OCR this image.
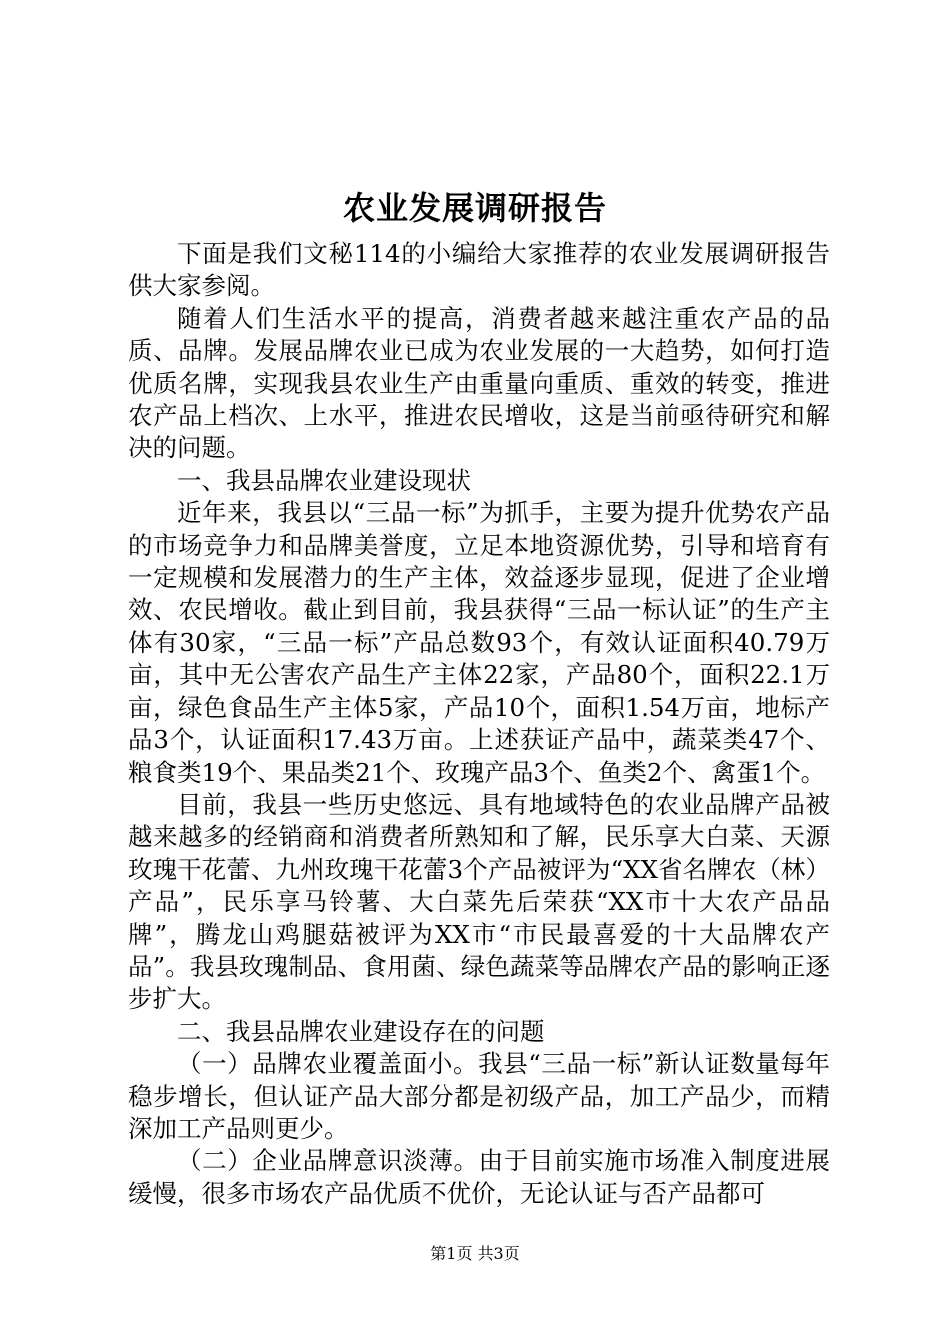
农业发展调研报告

下面是我们文秘114的小编给大家推荐的农业发展调研报告供大家参阅。

随着人们生活水平的提高，消费者越来越注重农产品的品质、品牌。发展品牌农业已成为农业发展的一大趋势，如何打造优质名牌，实现我县农业生产由重量向重质、重效的转变，推进农产品上档次、上水平，推进农民增收，这是当前亟待研究和解决的问题。

一、我县品牌农业建设现状

近年来，我县以“三品一标”为抓手，主要为提升优势农产品的市场竞争力和品牌美誉度，立足本地资源优势，引导和培育有一定规模和发展潜力的生产主体，效益逐步显现，促进了企业增效、农民增收。截止到目前，我县获得“三品一标认证”的生产主体有30家，“三品一标”产品总数93个，有效认证面积40.79万亩，其中无公害农产品生产主体22家，产品80个，面积22.1万亩，绿色食品生产主体5家，产品10个，面积1.54万亩，地标产品3个，认证面积17.43万亩。上述获证产品中，蔬菜类47个、粮食类19个、果品类21个、玫瑰产品3个、鱼类2个、禽蛋1个。

目前，我县一些历史悠远、具有地域特色的农业品牌产品被越来越多的经销商和消费者所熟知和了解，民乐享大白菜、天源玫瑰干花蕾、九州玫瑰干花蕾3个产品被评为“XX省名牌农（林）产品”，民乐享马铃薯、大白菜先后荣获“XX市十大农产品品牌”，腾龙山鸡腿菇被评为XX市“市民最喜爱的十大品牌农产品”。我县玫瑰制品、食用菌、绿色蔬菜等品牌农产品的影响正逐步扩大。

二、我县品牌农业建设存在的问题

（一）品牌农业覆盖面小。我县“三品一标”新认证数量每年稳步增长，但认证产品大部分都是初级产品，加工产品少，而精深加工产品则更少。

（二）企业品牌意识淡薄。由于目前实施市场准入制度进展缓慢，很多市场农产品优质不优价，无论认证与否产品都可

第1页 共3页
